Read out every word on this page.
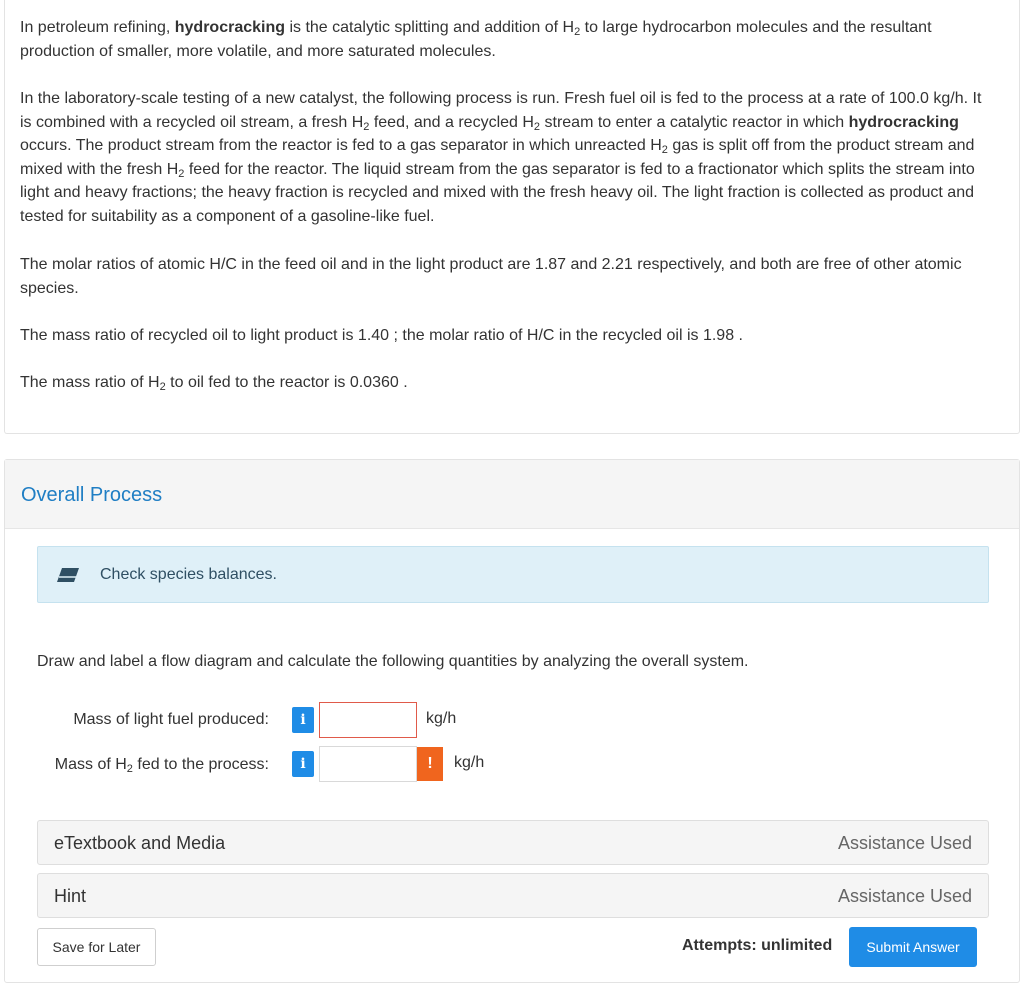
In petroleum refining, hydrocracking is the catalytic splitting and addition of $H_2$ to large hydrocarbon molecules and the resultant production of smaller, more volatile, and more saturated molecules.

In the laboratory-scale testing of a new catalyst, the following process is run. Fresh fuel oil is fed to the process at a rate of 100.0 kg/h. It is combined with a recycled oil stream, a fresh $H_2$ feed, and a recycled $H_2$ stream to enter a catalytic reactor in which hydrocracking occurs. The product stream from the reactor is fed to a gas separator in which unreacted $H_2$ gas is split off from the product stream and mixed with the fresh $H_2$ feed for the reactor. The liquid stream from the gas separator is fed to a fractionator which splits the stream into light and heavy fractions; the heavy fraction is recycled and mixed with the fresh heavy oil. The light fraction is collected as product and tested for suitability as a component of a gasoline-like fuel.

The molar ratios of atomic H/C in the feed oil and in the light product are 1.87 and 2.21 respectively, and both are free of other atomic species.

The mass ratio of recycled oil to light product is 1.40 ; the molar ratio of H/C in the recycled oil is 1.98 .

The mass ratio of $H_2$ to oil fed to the reactor is 0.0360 .

Overall Process
Check species balances.
Draw and label a flow diagram and calculate the following quantities by analyzing the overall system.
Mass of light fuel produced:	i	kg/h
Mass of $H_2$ fed to the process:	i	!	kg/h
eTextbook and Media	Assistance Used
Hint	Assistance Used
Save for Later	Attempts: unlimited	Submit Answer
